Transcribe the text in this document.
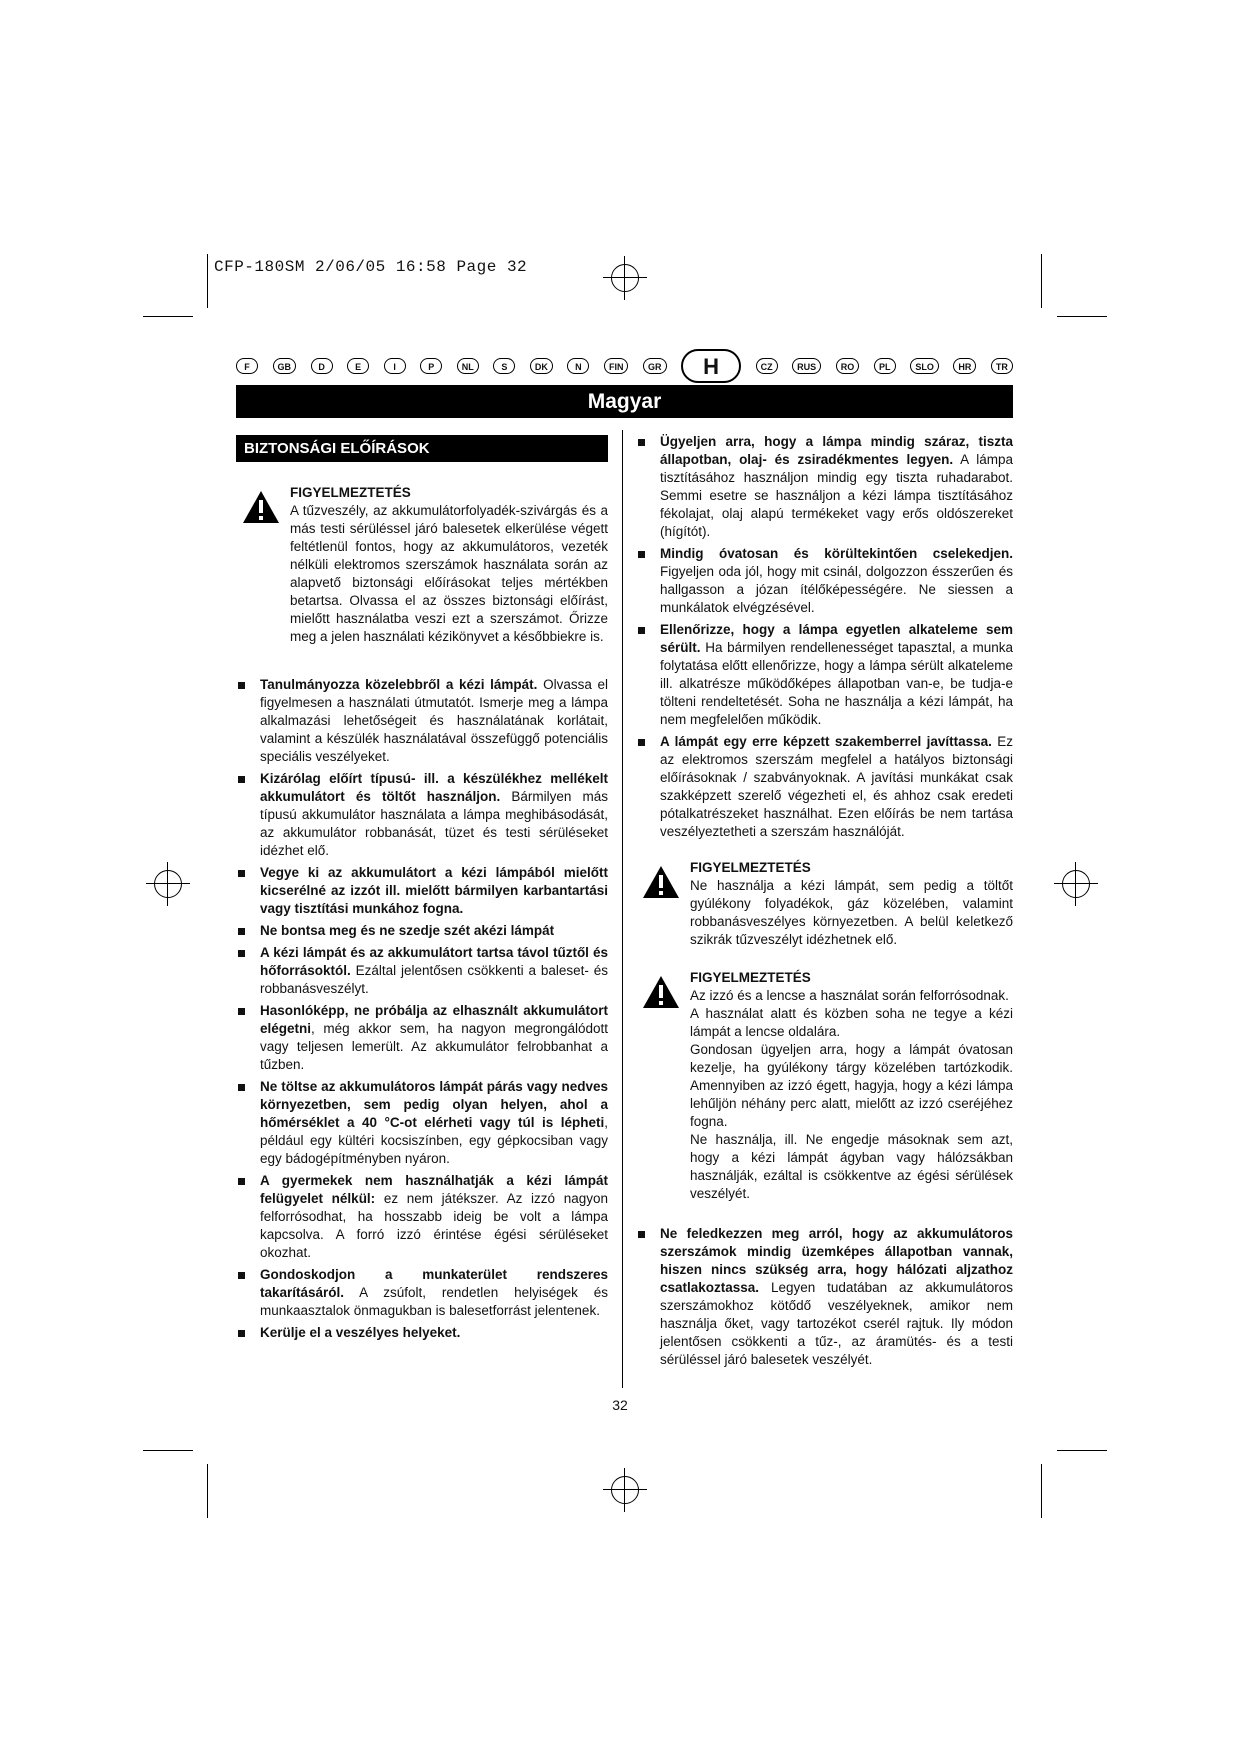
CFP-180SM 2/06/05 16:58 Page 32
F	GB	D	E	I	P	NL	S	DK	N	FIN	GR	H	CZ	RUS	RO	PL	SLO	HR	TR
Magyar
BIZTONSÁGI ELŐÍRÁSOK
FIGYELMEZTETÉS
A tűzveszély, az akkumulátorfolyadék-szivárgás és a más testi sérüléssel járó balesetek elkerülése végett feltétlenül fontos, hogy az akkumulátoros, vezeték nélküli elektromos szerszámok használata során az alapvető biztonsági előírásokat teljes mértékben betartsa. Olvassa el az összes biztonsági előírást, mielőtt használatba veszi ezt a szerszámot. Őrizze meg a jelen használati kézikönyvet a későbbiekre is.
Tanulmányozza közelebbről a kézi lámpát. Olvassa el figyelmesen a használati útmutatót. Ismerje meg a lámpa alkalmazási lehetőségeit és használatának korlátait, valamint a készülék használatával összefüggő potenciális speciális veszélyeket.
Kizárólag előírt típusú- ill. a készülékhez mellékelt akkumulátort és töltőt használjon. Bármilyen más típusú akkumulátor használata a lámpa meghibásodását, az akkumulátor robbanását, tüzet és testi sérüléseket idézhet elő.
Vegye ki az akkumulátort a kézi lámpából mielőtt kicserélné az izzót ill. mielőtt bármilyen karbantartási vagy tisztítási munkához fogna.
Ne bontsa meg és ne szedje szét akézi lámpát
A kézi lámpát és az akkumulátort tartsa távol tűztől és hőforrásoktól. Ezáltal jelentősen csökkenti a baleset- és robbanásveszélyt.
Hasonlóképp, ne próbálja az elhasznált akkumulátort elégetni, még akkor sem, ha nagyon megrongálódott vagy teljesen lemerült. Az akkumulátor felrobbanhat a tűzben.
Ne töltse az akkumulátoros lámpát párás vagy nedves környezetben, sem pedig olyan helyen, ahol a hőmérséklet a 40 °C-ot elérheti vagy túl is lépheti, például egy kültéri kocsiszínben, egy gépkocsiban vagy egy bádogépítményben nyáron.
A gyermekek nem használhatják a kézi lámpát felügyelet nélkül: ez nem játékszer. Az izzó nagyon felforrósodhat, ha hosszabb ideig be volt a lámpa kapcsolva. A forró izzó érintése égési sérüléseket okozhat.
Gondoskodjon a munkaterület rendszeres takarításáról. A zsúfolt, rendetlen helyiségek és munkaasztalok önmagukban is balesetforrást jelentenek.
Kerülje el a veszélyes helyeket.
Ügyeljen arra, hogy a lámpa mindig száraz, tiszta állapotban, olaj- és zsiradékmentes legyen. A lámpa tisztításához használjon mindig egy tiszta ruhadarabot. Semmi esetre se használjon a kézi lámpa tisztításához fékolajat, olaj alapú termékeket vagy erős oldószereket (hígítót).
Mindig óvatosan és körültekintően cselekedjen. Figyeljen oda jól, hogy mit csinál, dolgozzon ésszerűen és hallgasson a józan ítélőképességére. Ne siessen a munkálatok elvégzésével.
Ellenőrizze, hogy a lámpa egyetlen alkateleme sem sérült. Ha bármilyen rendellenességet tapasztal, a munka folytatása előtt ellenőrizze, hogy a lámpa sérült alkateleme ill. alkatrésze működőképes állapotban van-e, be tudja-e tölteni rendeltetését. Soha ne használja a kézi lámpát, ha nem megfelelően működik.
A lámpát egy erre képzett szakemberrel javíttassa. Ez az elektromos szerszám megfelel a hatályos biztonsági előírásoknak / szabványoknak. A javítási munkákat csak szakképzett szerelő végezheti el, és ahhoz csak eredeti pótalkatrészeket használhat. Ezen előírás be nem tartása veszélyeztetheti a szerszám használóját.
FIGYELMEZTETÉS
Ne használja a kézi lámpát, sem pedig a töltőt gyúlékony folyadékok, gáz közelében, valamint robbanásveszélyes környezetben. A belül keletkező szikrák tűzveszélyt idézhetnek elő.
FIGYELMEZTETÉS
Az izzó és a lencse a használat során felforrósodnak.
A használat alatt és közben soha ne tegye a kézi lámpát a lencse oldalára.
Gondosan ügyeljen arra, hogy a lámpát óvatosan kezelje, ha gyúlékony tárgy közelében tartózkodik. Amennyiben az izzó égett, hagyja, hogy a kézi lámpa lehűljön néhány perc alatt, mielőtt az izzó cseréjéhez fogna.
Ne használja, ill. Ne engedje másoknak sem azt, hogy a kézi lámpát ágyban vagy hálózsákban használják, ezáltal is csökkentve az égési sérülések veszélyét.
Ne feledkezzen meg arról, hogy az akkumulátoros szerszámok mindig üzemképes állapotban vannak, hiszen nincs szükség arra, hogy hálózati aljzathoz csatlakoztassa. Legyen tudatában az akkumulátoros szerszámokhoz kötődő veszélyeknek, amikor nem használja őket, vagy tartozékot cserél rajtuk. Ily módon jelentősen csökkenti a tűz-, az áramütés- és a testi sérüléssel járó balesetek veszélyét.
32
